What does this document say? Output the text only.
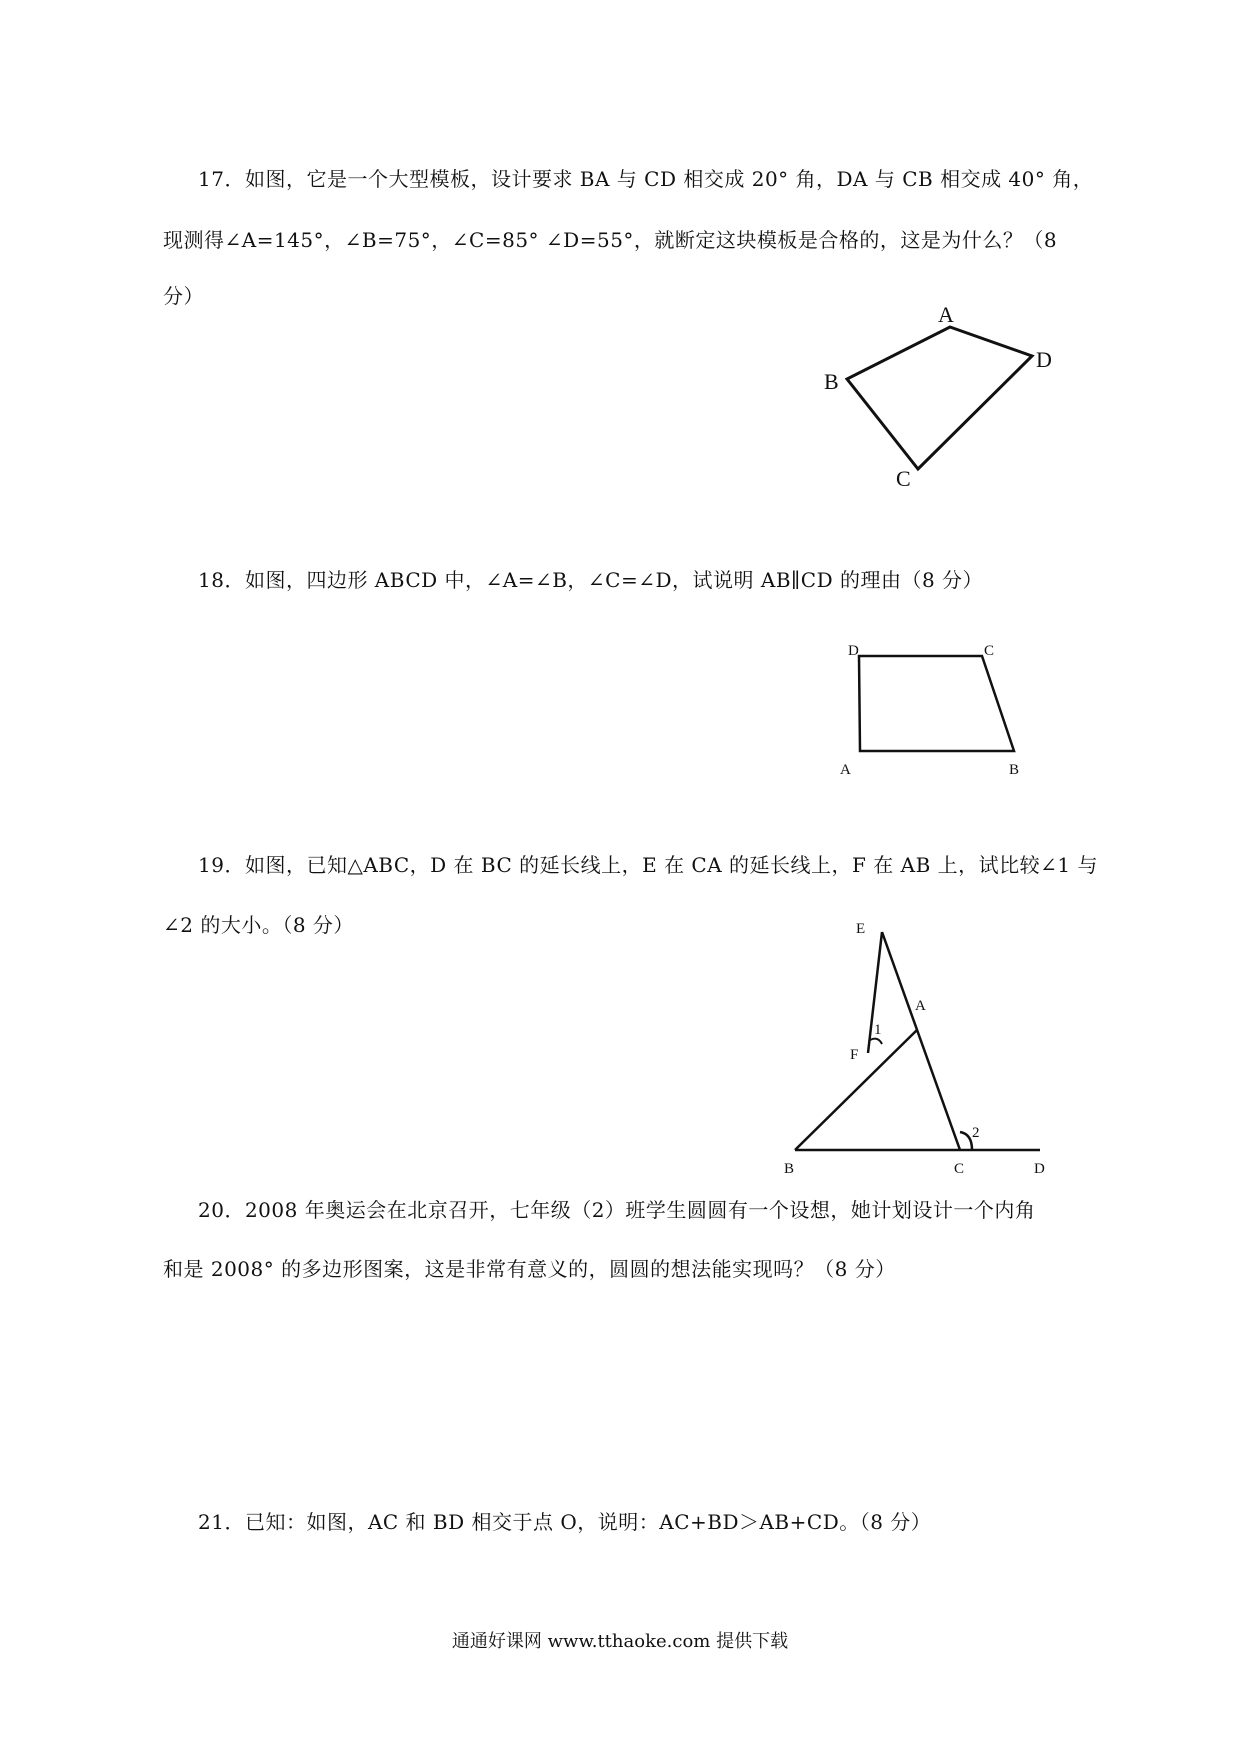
17．如图，它是一个大型模板，设计要求 BA 与 CD 相交成 20° 角，DA 与 CB 相交成 40° 角，
现测得∠A=145°，∠B=75°，∠C=85° ∠D=55°，就断定这块模板是合格的，这是为什么？（8
分）
A
D
B
C
18．如图，四边形 ABCD 中，∠A=∠B，∠C=∠D，试说明 AB∥CD 的理由（8 分）
D	C
A	B
19．如图，已知△ABC，D 在 BC 的延长线上，E 在 CA 的延长线上，F 在 AB 上，试比较∠1 与
∠2 的大小。（8 分）	E
A
1
F
2
B	C	D
20．2008 年奥运会在北京召开，七年级（2）班学生圆圆有一个设想，她计划设计一个内角
和是 2008° 的多边形图案，这是非常有意义的，圆圆的想法能实现吗？（8 分）
21．已知：如图，AC 和 BD 相交于点 O，说明：AC+BD＞AB+CD。（8 分）
通通好课网 www.tthaoke.com 提供下载
